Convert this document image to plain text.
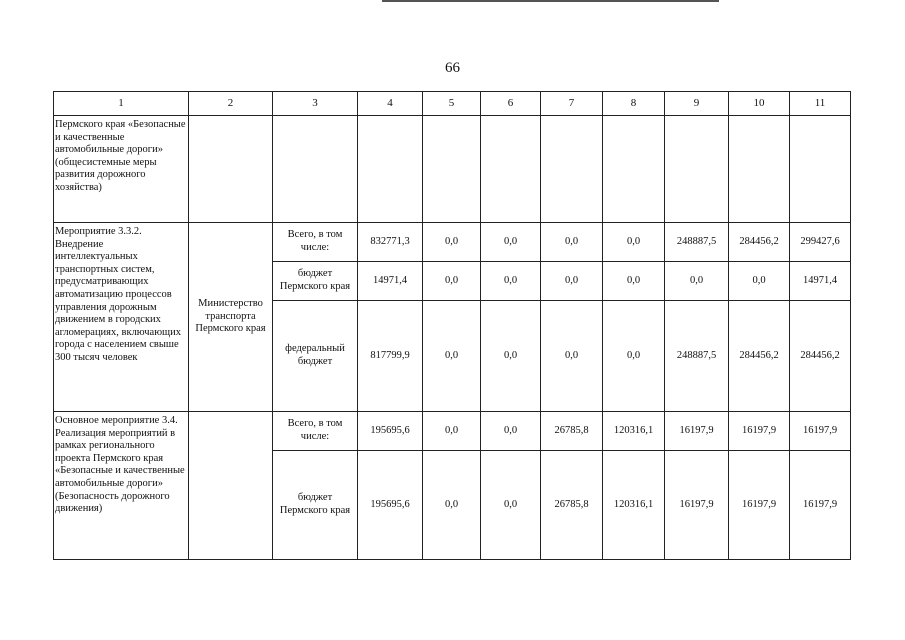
66
1	2	3	4	5	6	7	8	9	10	11
Пермского края «Безопасные и качественные автомобильные дороги» (общесистемные меры развития дорожного хозяйства)										
Мероприятие 3.3.2. Внедрение интеллектуальных транспортных систем, предусматривающих автоматизацию процессов управления дорожным движением в городских агломерациях, включающих города с населением свыше 300 тысяч человек	Министерство транспорта Пермского края	Всего, в том числе:	832771,3	0,0	0,0	0,0	0,0	248887,5	284456,2	299427,6
		бюджет Пермского края	14971,4	0,0	0,0	0,0	0,0	0,0	0,0	14971,4
		федеральный бюджет	817799,9	0,0	0,0	0,0	0,0	248887,5	284456,2	284456,2
Основное мероприятие 3.4. Реализация мероприятий в рамках регионального проекта Пермского края «Безопасные и качественные автомобильные дороги» (Безопасность дорожного движения)		Всего, в том числе:	195695,6	0,0	0,0	26785,8	120316,1	16197,9	16197,9	16197,9
		бюджет Пермского края	195695,6	0,0	0,0	26785,8	120316,1	16197,9	16197,9	16197,9
